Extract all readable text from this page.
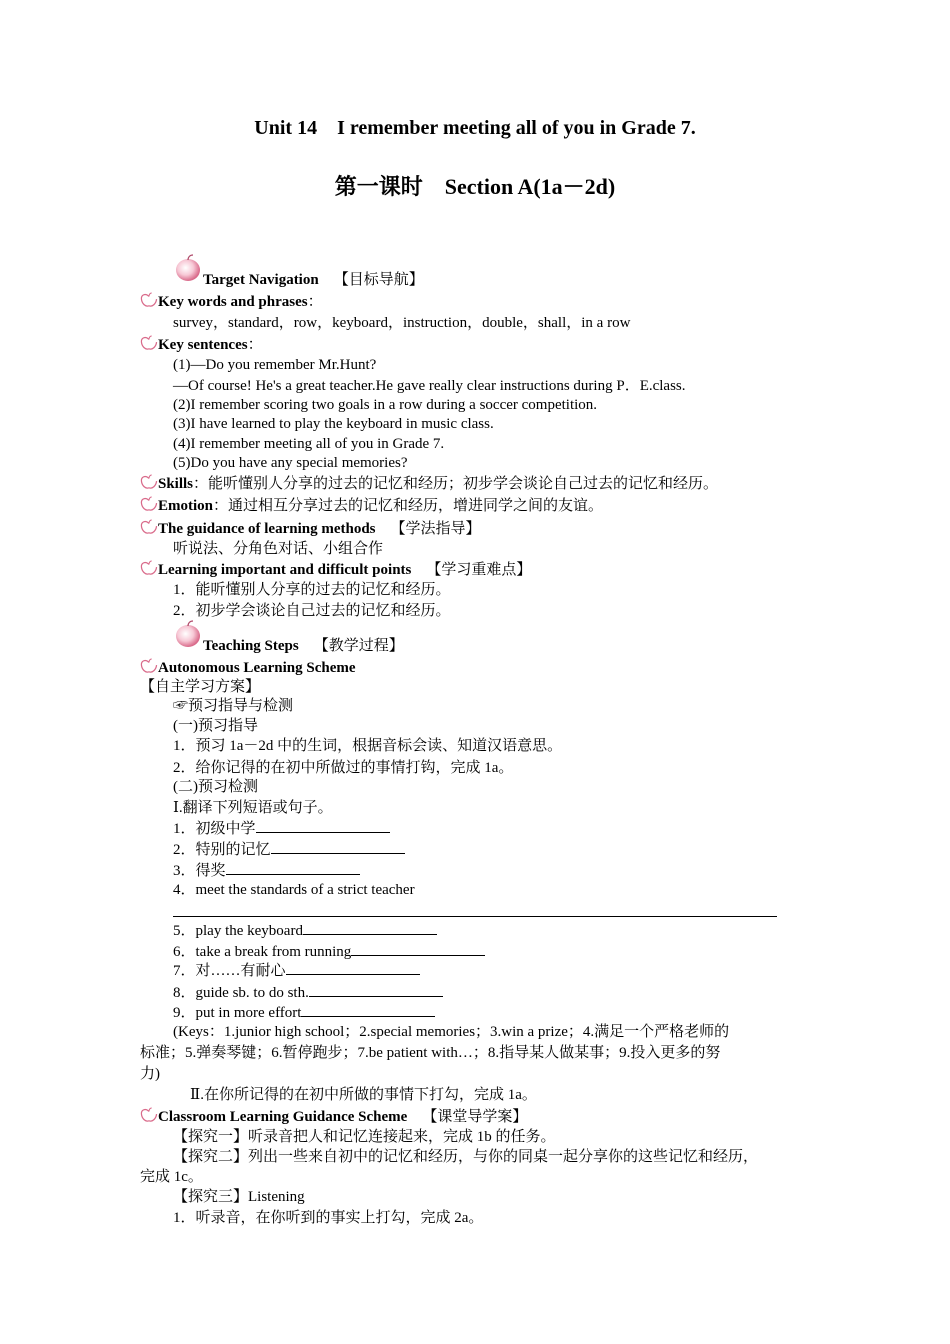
Unit 14　I remember meeting all of you in Grade 7.
第一课时　Section A(1a－2d)
Target Navigation 【目标导航】
Key words and phrases：
survey，standard，row，keyboard，instruction，double，shall，in a row
Key sentences：
(1)—Do you remember Mr.Hunt?
—Of course! He's a great teacher.He gave really clear instructions during P．E.class.
(2)I remember scoring two goals in a row during a soccer competition.
(3)I have learned to play the keyboard in music class.
(4)I remember meeting all of you in Grade 7.
(5)Do you have any special memories?
Skills：能听懂别人分享的过去的记忆和经历；初步学会谈论自己过去的记忆和经历。
Emotion：通过相互分享过去的记忆和经历，增进同学之间的友谊。
The guidance of learning methods 【学法指导】
听说法、分角色对话、小组合作
Learning important and difficult points 【学习重难点】
1．能听懂别人分享的过去的记忆和经历。
2．初步学会谈论自己过去的记忆和经历。
Teaching Steps 【教学过程】
Autonomous Learning Scheme
【自主学习方案】
☞预习指导与检测
(一)预习指导
1．预习 1a－2d 中的生词，根据音标会读、知道汉语意思。
2．给你记得的在初中所做过的事情打钩，完成 1a。
(二)预习检测
Ⅰ.翻译下列短语或句子。
1．初级中学
2．特别的记忆
3．得奖
4．meet the standards of a strict teacher
5．play the keyboard
6．take a break from running
7．对……有耐心
8．guide sb. to do sth.
9．put in more effort
(Keys：1.junior high school；2.special memories；3.win a prize；4.满足一个严格老师的
标准；5.弹奏琴键；6.暂停跑步；7.be patient with…；8.指导某人做某事；9.投入更多的努
力)
Ⅱ.在你所记得的在初中所做的事情下打勾，完成 1a。
Classroom Learning Guidance Scheme 【课堂导学案】
【探究一】听录音把人和记忆连接起来，完成 1b 的任务。
【探究二】列出一些来自初中的记忆和经历，与你的同桌一起分享你的这些记忆和经历，
完成 1c。
【探究三】Listening
1．听录音，在你听到的事实上打勾，完成 2a。
